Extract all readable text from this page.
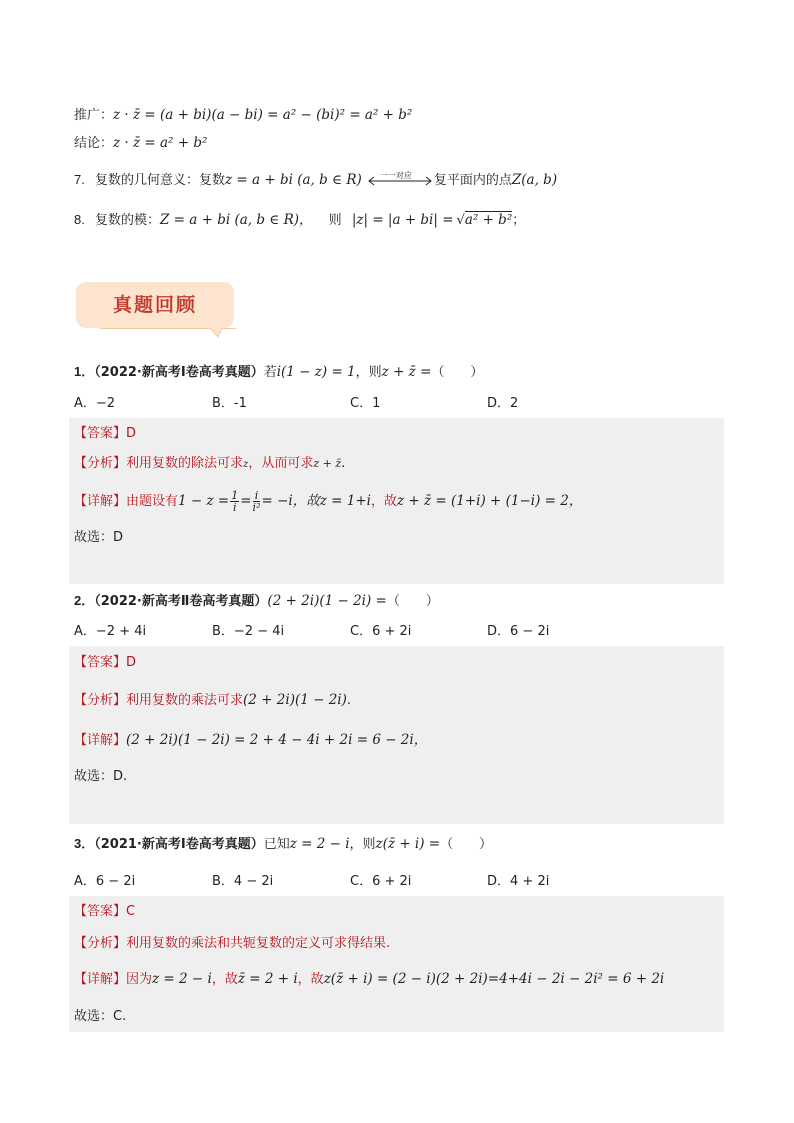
推广：z · z̄ = (a + bi)(a − bi) = a² − (bi)² = a² + b²
结论：z · z̄ = a² + b²
7. 复数的几何意义：复数z = a + bi (a, b ∈ R) 一一对应 复平面内的点Z(a, b)
8. 复数的模：Z = a + bi (a, b ∈ R)， 则 |z| = |a + bi| = √a² + b²；
真题回顾
1．（2022·新高考Ⅰ卷高考真题）若i(1 − z) = 1，则z + z̄ =（　　）
A．−2	B．-1	C．1	D．2
【答案】D
【分析】利用复数的除法可求z，从而可求z + z̄.
【详解】由题设有$1 - z = \frac{1}{i} = \frac{i}{\text{i²}} = -i$，故z = 1+i，故z + z̄ = (1+i) + (1−i) = 2，
故选：D
2．（2022·新高考Ⅱ卷高考真题）(2 + 2i)(1 − 2i) =（　　）
A．−2 + 4i	B．−2 − 4i	C．6 + 2i	D．6 − 2i
【答案】D
【分析】利用复数的乘法可求(2 + 2i)(1 − 2i).
【详解】(2 + 2i)(1 − 2i) = 2 + 4 − 4i + 2i = 6 − 2i，
故选：D.
3．（2021·新高考Ⅰ卷高考真题）已知z = 2 − i，则z(z̄ + i) =（　　）
A．6 − 2i	B．4 − 2i	C．6 + 2i	D．4 + 2i
【答案】C
【分析】利用复数的乘法和共轭复数的定义可求得结果.
【详解】因为z = 2 − i，故z̄ = 2 + i，故z(z̄ + i) = (2 − i)(2 + 2i)=4+4i − 2i − 2i² = 6 + 2i
故选：C.
